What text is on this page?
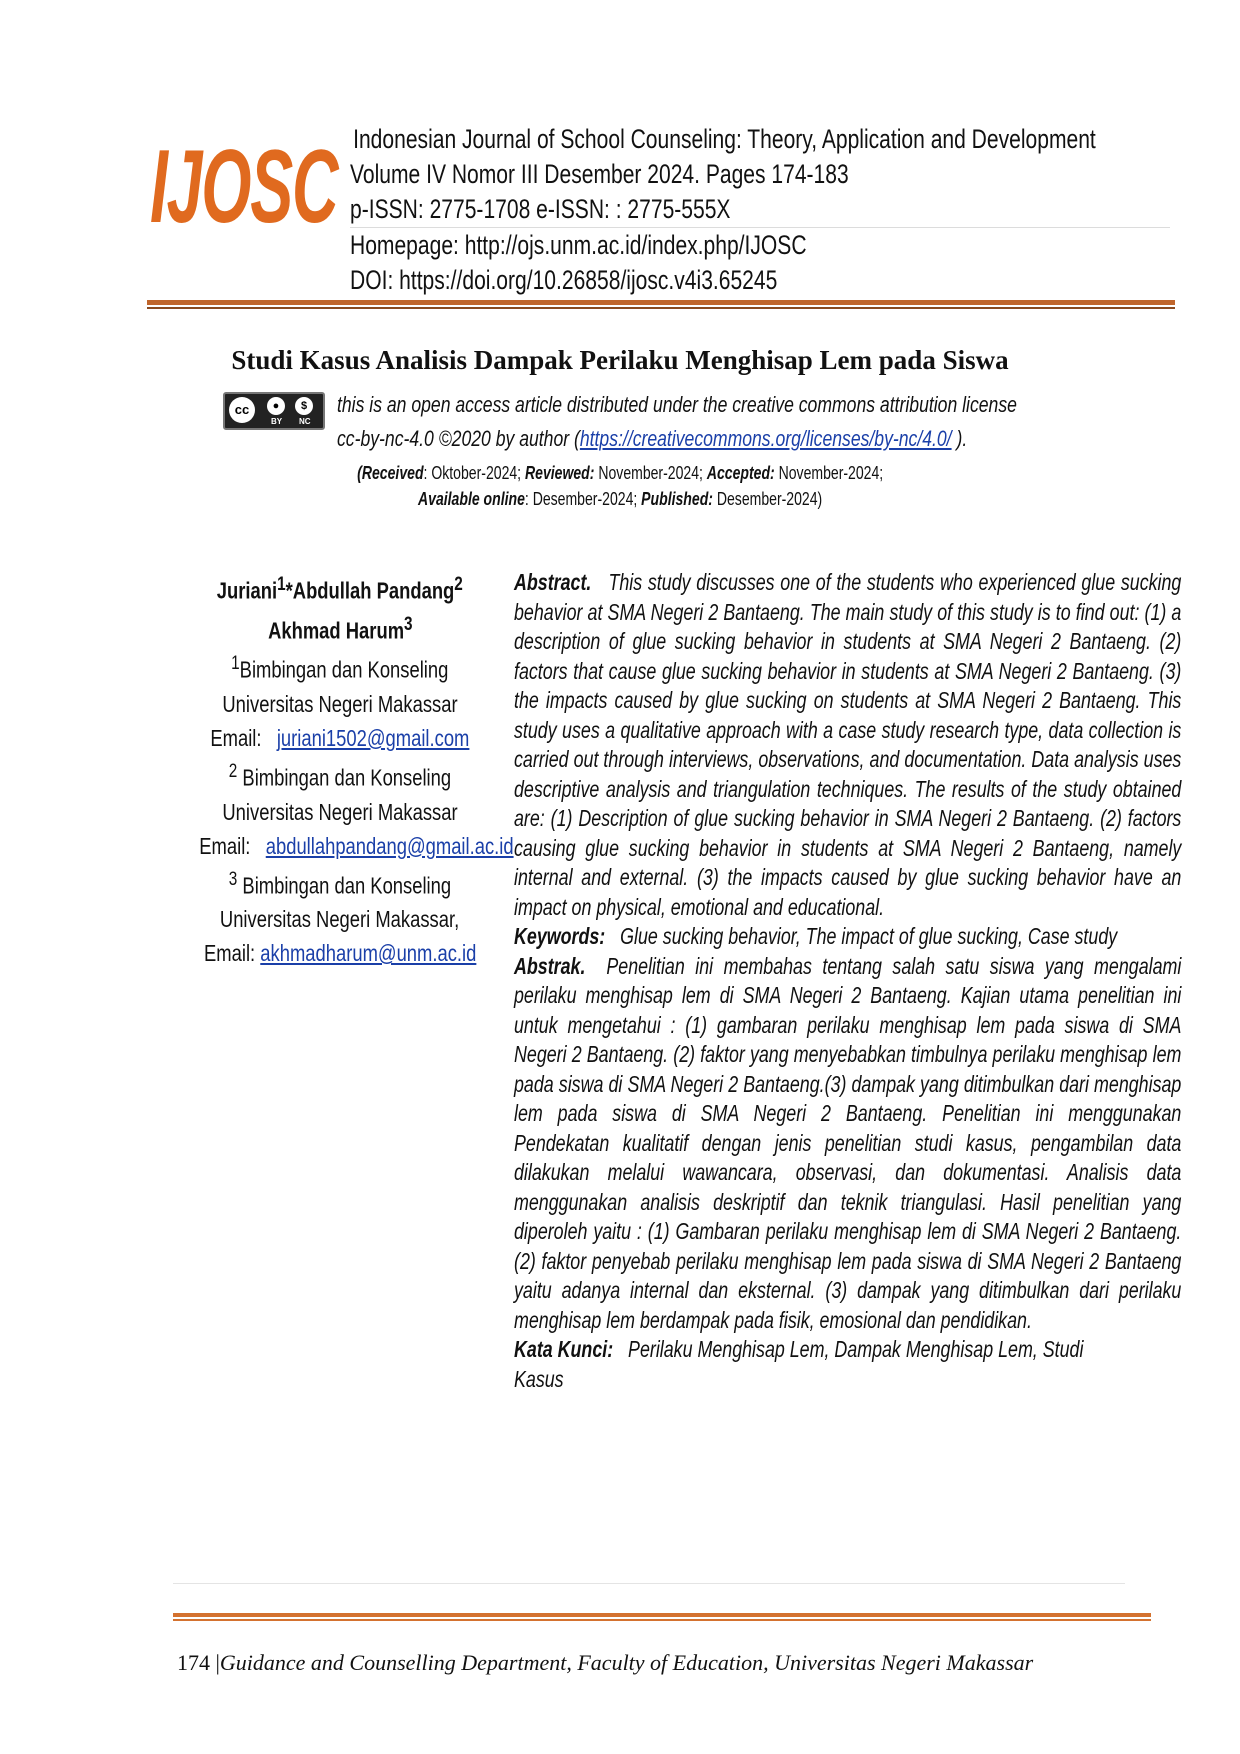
IJOSC Indonesian Journal of School Counseling: Theory, Application and Development
Volume IV Nomor III Desember 2024. Pages 174-183
p-ISSN: 2775-1708 e-ISSN: : 2775-555X
Homepage: http://ojs.unm.ac.id/index.php/IJOSC
DOI: https://doi.org/10.26858/ijosc.v4i3.65245
Studi Kasus Analisis Dampak Perilaku Menghisap Lem pada Siswa
cc	●	$
BY NC
this is an open access article distributed under the creative commons attribution license
cc-by-nc-4.0 ©2020 by author (https://creativecommons.org/licenses/by-nc/4.0/ ).
(Received: Oktober-2024; Reviewed: November-2024; Accepted: November-2024;
Available online: Desember-2024; Published: Desember-2024)
Juriani$^1$*Abdullah Pandang$^2$
Akhmad Harum$^3$
$^1$Bimbingan dan Konseling
Universitas Negeri Makassar
Email: juriani1502@gmail.com
$^2$ Bimbingan dan Konseling
Universitas Negeri Makassar
Email: abdullahpandang@gmail.ac.id
$^3$ Bimbingan dan Konseling
Universitas Negeri Makassar,
Email: akhmadharum@unm.ac.id

Abstract. This study discusses one of the students who experienced glue sucking behavior at SMA Negeri 2 Bantaeng. The main study of this study is to find out: (1) a description of glue sucking behavior in students at SMA Negeri 2 Bantaeng. (2) factors that cause glue sucking behavior in students at SMA Negeri 2 Bantaeng. (3) the impacts caused by glue sucking on students at SMA Negeri 2 Bantaeng. This study uses a qualitative approach with a case study research type, data collection is carried out through interviews, observations, and documentation. Data analysis uses descriptive analysis and triangulation techniques. The results of the study obtained are: (1) Description of glue sucking behavior in SMA Negeri 2 Bantaeng. (2) factors causing glue sucking behavior in students at SMA Negeri 2 Bantaeng, namely internal and external. (3) the impacts caused by glue sucking behavior have an impact on physical, emotional and educational.

Keywords: Glue sucking behavior, The impact of glue sucking, Case study

Abstrak. Penelitian ini membahas tentang salah satu siswa yang mengalami perilaku menghisap lem di SMA Negeri 2 Bantaeng. Kajian utama penelitian ini untuk mengetahui : (1) gambaran perilaku menghisap lem pada siswa di SMA Negeri 2 Bantaeng. (2) faktor yang menyebabkan timbulnya perilaku menghisap lem pada siswa di SMA Negeri 2 Bantaeng.(3) dampak yang ditimbulkan dari menghisap lem pada siswa di SMA Negeri 2 Bantaeng. Penelitian ini menggunakan Pendekatan kualitatif dengan jenis penelitian studi kasus, pengambilan data dilakukan melalui wawancara, observasi, dan dokumentasi. Analisis data menggunakan analisis deskriptif dan teknik triangulasi. Hasil penelitian yang diperoleh yaitu : (1) Gambaran perilaku menghisap lem di SMA Negeri 2 Bantaeng. (2) faktor penyebab perilaku menghisap lem pada siswa di SMA Negeri 2 Bantaeng yaitu adanya internal dan eksternal. (3) dampak yang ditimbulkan dari perilaku menghisap lem berdampak pada fisik, emosional dan pendidikan.

Kata Kunci: Perilaku Menghisap Lem, Dampak Menghisap Lem, Studi
Kasus

174 |Guidance and Counselling Department, Faculty of Education, Universitas Negeri Makassar
